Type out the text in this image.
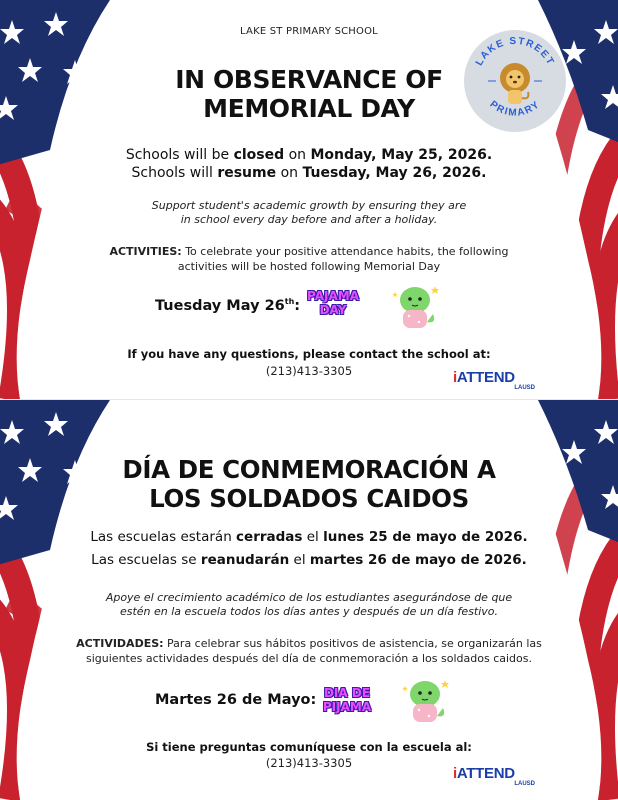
LAKE ST PRIMARY SCHOOL
LAKE STREET
PRIMARY
IN OBSERVANCE OF
MEMORIAL DAY
Schools will be closed on Monday, May 25, 2026.
Schools will resume on Tuesday, May 26, 2026.
Support student's academic growth by ensuring they are
in school every day before and after a holiday.
ACTIVITIES: To celebrate your positive attendance habits, the following
activities will be hosted following Memorial Day
Tuesday May 26th:
PAJAMA
DAY
If you have any questions, please contact the school at:
(213)413-3305	iATTEND
LAUSD
DÍA DE CONMEMORACIÓN A
LOS SOLDADOS CAIDOS
Las escuelas estarán cerradas el lunes 25 de mayo de 2026.
Las escuelas se reanudarán el martes 26 de mayo de 2026.
Apoye el crecimiento académico de los estudiantes asegurándose de que
estén en la escuela todos los días antes y después de un día festivo.
ACTIVIDADES: Para celebrar sus hábitos positivos de asistencia, se organizarán las
siguientes actividades después del día de conmemoración a los soldados caidos.
Martes 26 de Mayo: DIA DE
PIJAMA
Si tiene preguntas comuníquese con la escuela al:
(213)413-3305
iATTEND
LAUSD
